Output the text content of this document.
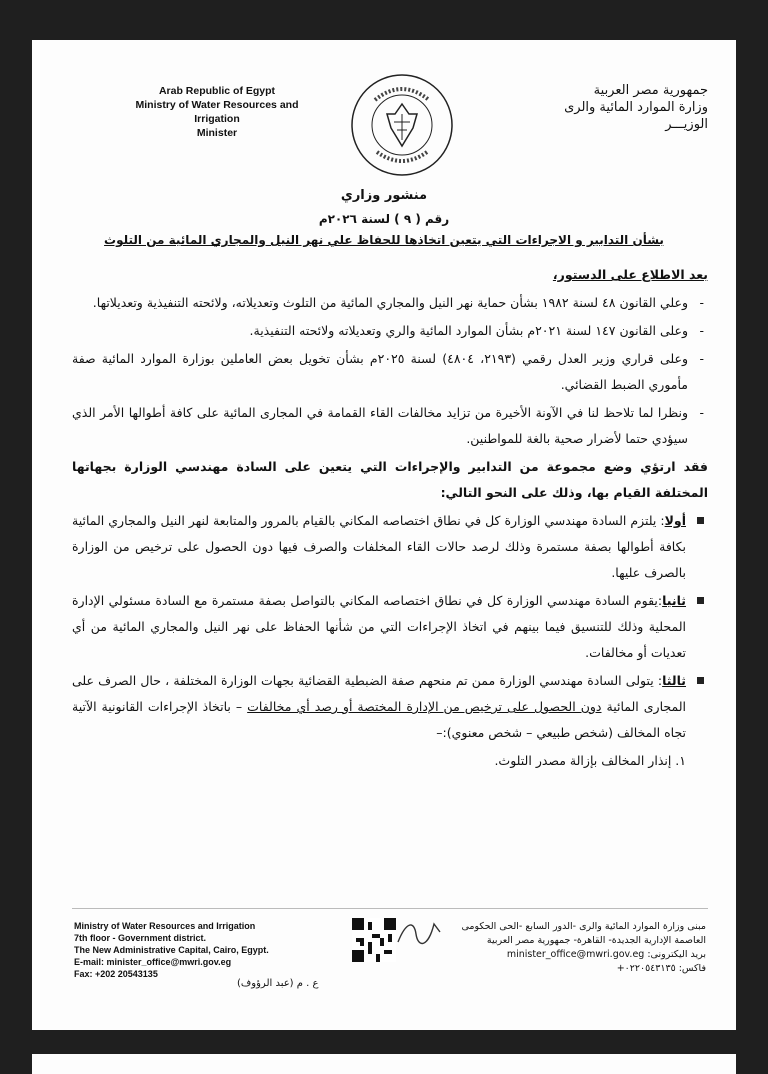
Arab Republic of Egypt
Ministry of Water Resources and Irrigation
Minister
جمهورية مصر العربية
وزارة الموارد المائية والرى
الوزيـــر
منشور وزاري
رقم ( ٩ ) لسنة ٢٠٢٦م
بشأن التدابير و الاجراءات التي يتعين اتخاذها للحفاظ علي نهر النيل والمجاري المائية من التلوث

بعد الاطلاع على الدستور،

- وعلي القانون ٤٨ لسنة ١٩٨٢ بشأن حماية نهر النيل والمجاري المائية من التلوث وتعديلاته، ولائحته التنفيذية وتعديلاتها.

- وعلى القانون ١٤٧ لسنة ٢٠٢١م بشأن الموارد المائية والري وتعديلاته ولائحته التنفيذية.

- وعلى قراري وزير العدل رقمي (٢١٩٣، ٤٨٠٤) لسنة ٢٠٢٥م بشأن تخويل بعض العاملين بوزارة الموارد المائية صفة مأموري الضبط القضائي.

- ونظرا لما تلاحظ لنا في الآونة الأخيرة من تزايد مخالفات القاء القمامة في المجارى المائية على كافة أطوالها الأمر الذي سيؤدي حتما لأضرار صحية بالغة للمواطنين.

فقد ارتؤي وضع مجموعة من التدابير والإجراءات التي يتعين على السادة مهندسي الوزارة بجهاتها المختلفة القيام بها، وذلك على النحو التالي:

أولا: يلتزم السادة مهندسي الوزارة كل في نطاق اختصاصه المكاني بالقيام بالمرور والمتابعة لنهر النيل والمجاري المائية بكافة أطوالها بصفة مستمرة وذلك لرصد حالات القاء المخلفات والصرف فيها دون الحصول على ترخيص من الوزارة بالصرف عليها.

ثانيا:يقوم السادة مهندسي الوزارة كل في نطاق اختصاصه المكاني بالتواصل بصفة مستمرة مع السادة مسئولي الإدارة المحلية وذلك للتنسيق فيما بينهم في اتخاذ الإجراءات التي من شأنها الحفاظ على نهر النيل والمجاري المائية من أي تعديات أو مخالفات.

ثالثا: يتولى السادة مهندسي الوزارة ممن تم منحهم صفة الضبطية القضائية بجهات الوزارة المختلفة ، حال الصرف على المجارى المائية دون الحصول على ترخيص من الإدارة المختصة أو رصد أي مخالفات – باتخاذ الإجراءات القانونية الآتية تجاه المخالف (شخص طبيعي – شخص معنوي):–

١. إنذار المخالف بإزالة مصدر التلوث.

Ministry of Water Resources and Irrigation
7th floor - Government district.
The New Administrative Capital, Cairo, Egypt.
E-mail: minister_office@mwri.gov.eg
Fax: +202 20543135
مبنى وزارة الموارد المائية والرى -الدور السابع -الحى الحكومى
العاصمة الإدارية الجديدة- القاهرة- جمهورية مصر العربية
بريد اليكترونى: minister_office@mwri.gov.eg
فاكس: ٠٢٢٠٥٤٣١٣٥+
ع . م (عبد الرؤوف)
